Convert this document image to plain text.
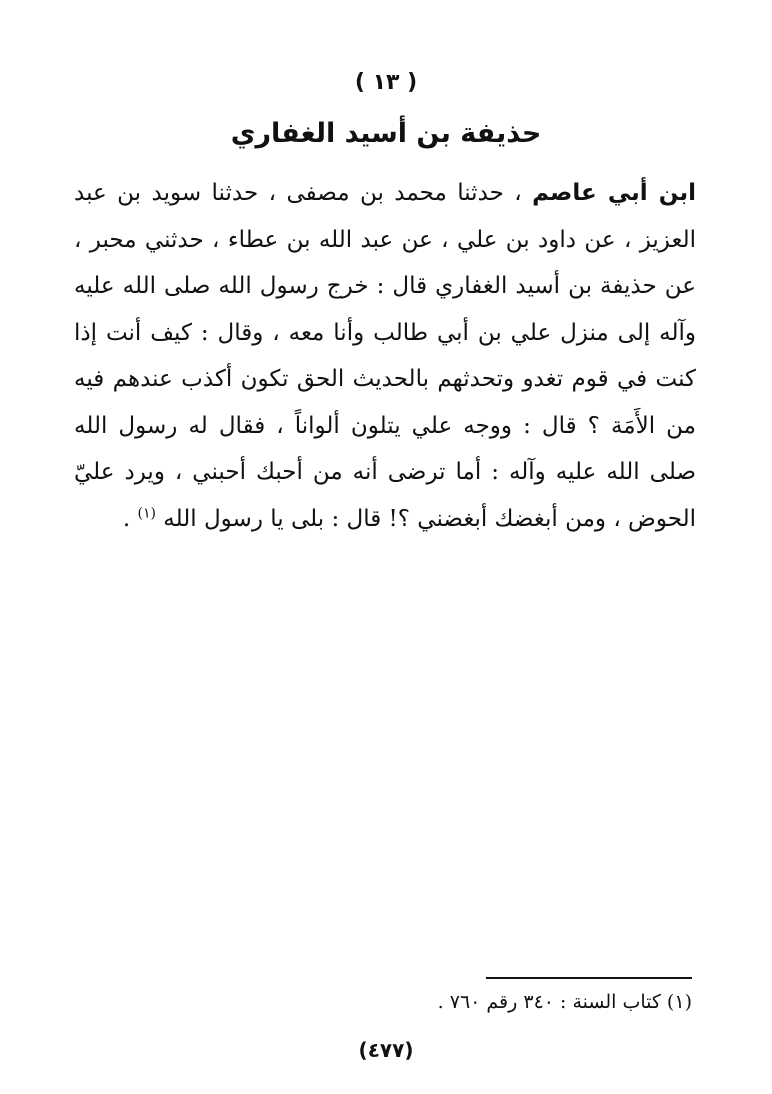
( ١٣ )
حذيفة بن أسيد الغفاري

ابن أبي عاصم ، حدثنا محمد بن مصفى ، حدثنا سويد بن عبد العزيز ، عن داود بن علي ، عن عبد الله بن عطاء ، حدثني محبر ، عن حذيفة بن أسيد الغفاري قال : خرج رسول الله صلى الله عليه وآله إلى منزل علي بن أبي طالب وأنا معه ، وقال : كيف أنت إذا كنت في قوم تغدو وتحدثهم بالحديث الحق تكون أكذب عندهم فيه من الأَمَة ؟ قال : ووجه علي يتلون ألواناً ، فقال له رسول الله صلى الله عليه وآله : أما ترضى أنه من أحبك أحبني ، ويرد عليّ الحوض ، ومن أبغضك أبغضني ؟! قال : بلى يا رسول الله $^{(١)}$ .

(١) كتاب السنة : ٣٤٠ رقم ٧٦٠ .
(٤٧٧)
